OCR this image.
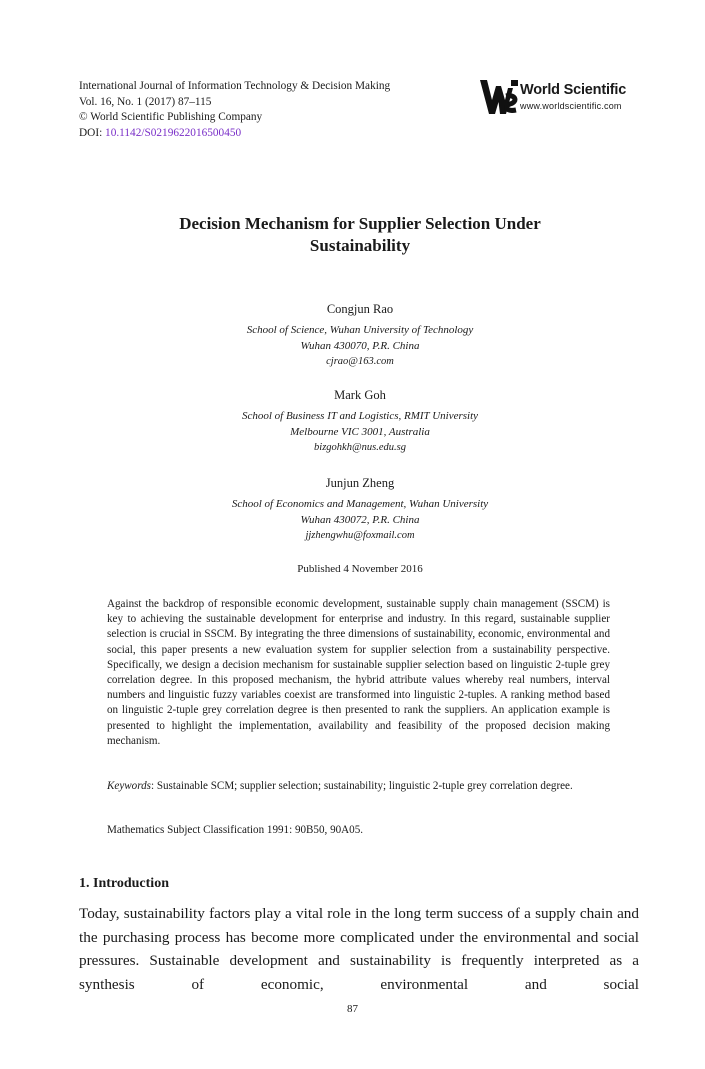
International Journal of Information Technology & Decision Making
Vol. 16, No. 1 (2017) 87–115
© World Scientific Publishing Company
DOI: 10.1142/S0219622016500450
World Scientific
www.worldscientific.com
Decision Mechanism for Supplier Selection Under
Sustainability
Congjun Rao
School of Science, Wuhan University of Technology
Wuhan 430070, P.R. China
cjrao@163.com
Mark Goh
School of Business IT and Logistics, RMIT University
Melbourne VIC 3001, Australia
bizgohkh@nus.edu.sg
Junjun Zheng
School of Economics and Management, Wuhan University
Wuhan 430072, P.R. China
jjzhengwhu@foxmail.com
Published 4 November 2016
Against the backdrop of responsible economic development, sustainable supply chain management (SSCM) is key to achieving the sustainable development for enterprise and industry. In this regard, sustainable supplier selection is crucial in SSCM. By integrating the three dimensions of sustainability, economic, environmental and social, this paper presents a new evaluation system for supplier selection from a sustainability perspective. Specifically, we design a decision mechanism for sustainable supplier selection based on linguistic 2-tuple grey correlation degree. In this proposed mechanism, the hybrid attribute values whereby real numbers, interval numbers and linguistic fuzzy variables coexist are transformed into linguistic 2-tuples. A ranking method based on linguistic 2-tuple grey correlation degree is then presented to rank the suppliers. An application example is presented to highlight the implementation, availability and feasibility of the proposed decision making mechanism.
Keywords: Sustainable SCM; supplier selection; sustainability; linguistic 2-tuple grey correlation degree.
Mathematics Subject Classification 1991: 90B50, 90A05.
1. Introduction
Today, sustainability factors play a vital role in the long term success of a supply chain and the purchasing process has become more complicated under the environmental and social pressures. Sustainable development and sustainability is frequently interpreted as a synthesis of economic, environmental and social
87
